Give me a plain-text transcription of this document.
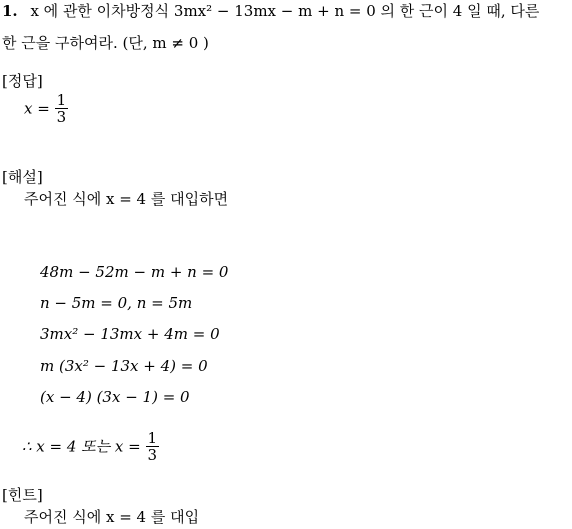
1. x 에 관한 이차방정식 3mx² − 13mx − m + n = 0 의 한 근이 4 일 때, 다른
한 근을 구하여라. (단, m ≠ 0 )
[정답]
$x = \frac{1}{3}$
[해설]
주어진 식에 x = 4 를 대입하면
48m − 52m − m + n = 0
n − 5m = 0, n = 5m
3mx² − 13mx + 4m = 0
m (3x² − 13x + 4) = 0
(x − 4) (3x − 1) = 0
∴ x = 4 또는 $x = \frac{1}{3}$
[힌트]
주어진 식에 x = 4 를 대입
